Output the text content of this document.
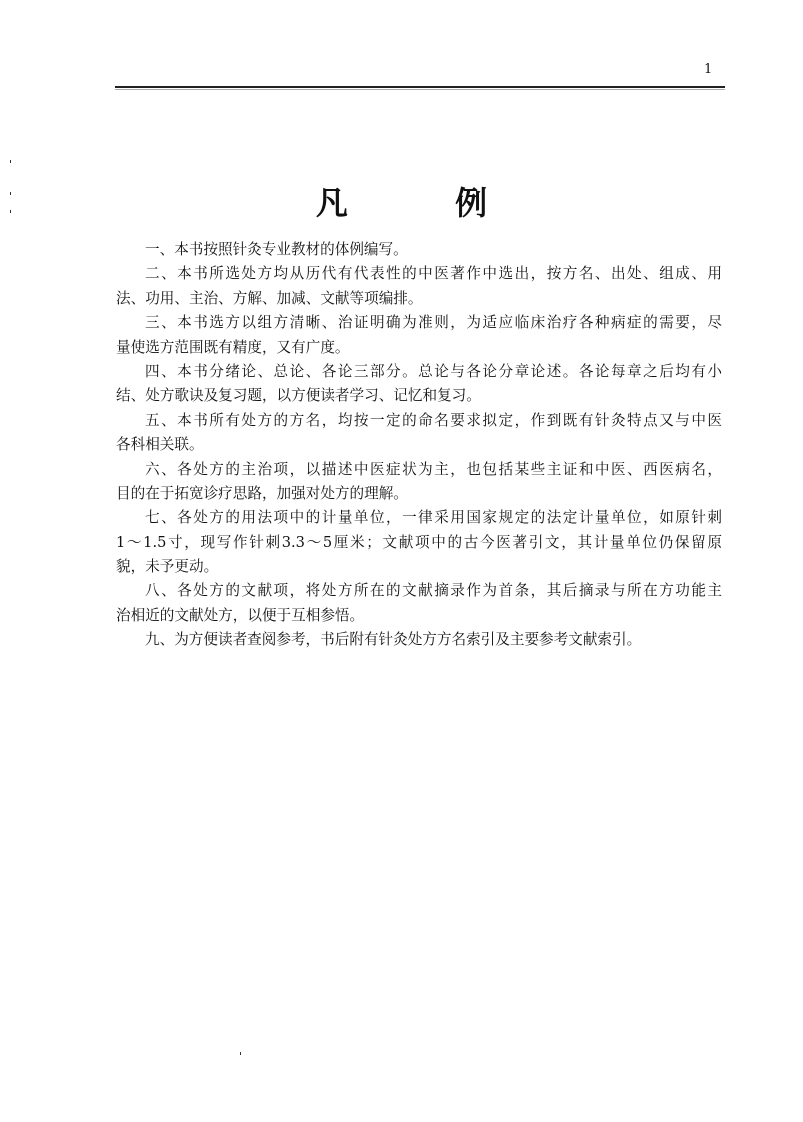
1
凡 例
一、本书按照针灸专业教材的体例编写。
二、本书所选处方均从历代有代表性的中医著作中选出，按方名、出处、组成、用
法、功用、主治、方解、加减、文献等项编排。
三、本书选方以组方清晰、治证明确为准则，为适应临床治疗各种病症的需要，尽
量使选方范围既有精度，又有广度。
四、本书分绪论、总论、各论三部分。总论与各论分章论述。各论每章之后均有小
结、处方歌诀及复习题，以方便读者学习、记忆和复习。
五、本书所有处方的方名，均按一定的命名要求拟定，作到既有针灸特点又与中医
各科相关联。
六、各处方的主治项，以描述中医症状为主，也包括某些主证和中医、西医病名，
目的在于拓宽诊疗思路，加强对处方的理解。
七、各处方的用法项中的计量单位，一律采用国家规定的法定计量单位，如原针刺
1～1.5寸，现写作针刺3.3～5厘米；文献项中的古今医著引文，其计量单位仍保留原
貌，未予更动。
八、各处方的文献项，将处方所在的文献摘录作为首条，其后摘录与所在方功能主
治相近的文献处方，以便于互相参悟。
九、为方便读者查阅参考，书后附有针灸处方方名索引及主要参考文献索引。
